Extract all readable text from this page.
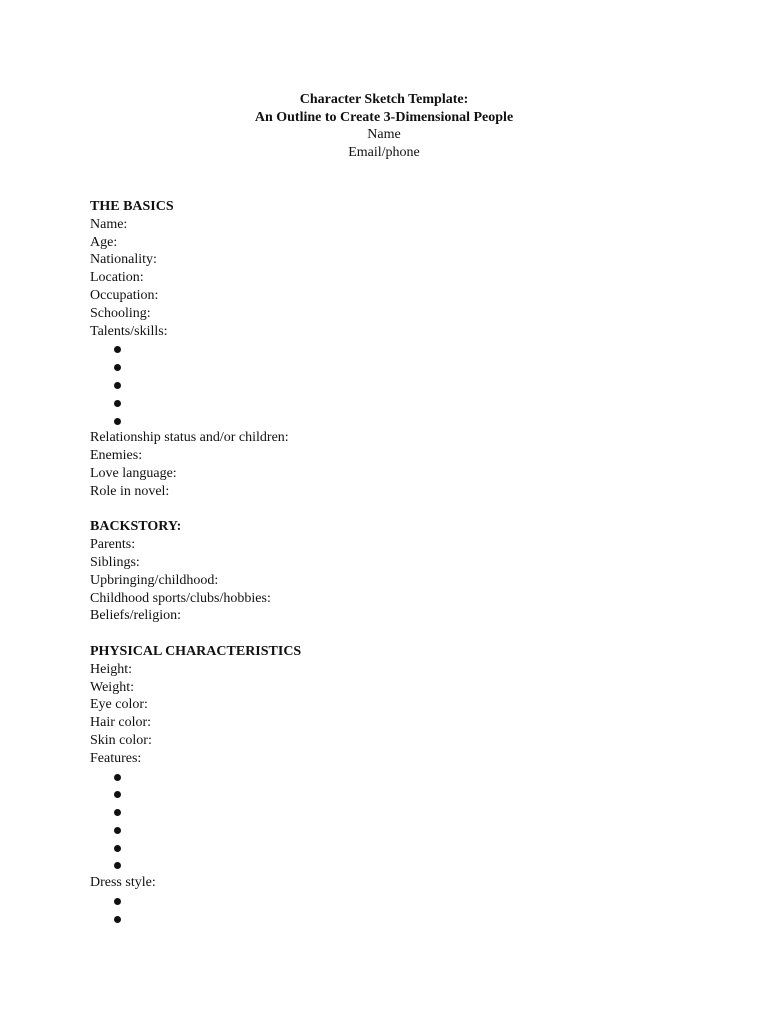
Character Sketch Template:
An Outline to Create 3-Dimensional People
Name
Email/phone
THE BASICS
Name:
Age:
Nationality:
Location:
Occupation:
Schooling:
Talents/skills:
Relationship status and/or children:
Enemies:
Love language:
Role in novel:
BACKSTORY:
Parents:
Siblings:
Upbringing/childhood:
Childhood sports/clubs/hobbies:
Beliefs/religion:
PHYSICAL CHARACTERISTICS
Height:
Weight:
Eye color:
Hair color:
Skin color:
Features:
Dress style:
